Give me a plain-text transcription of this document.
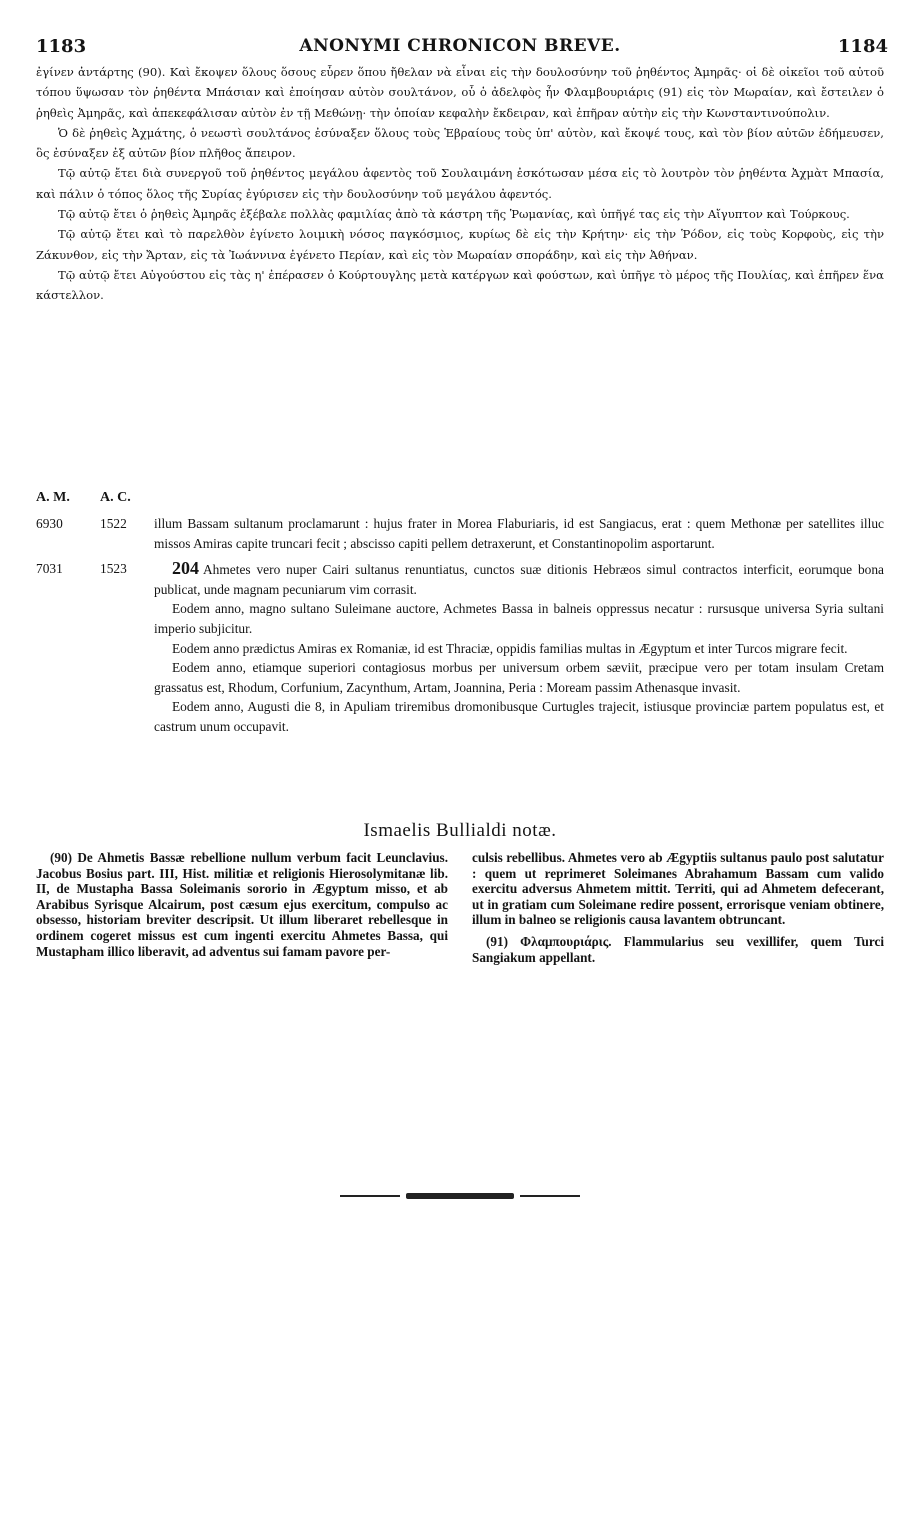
1183	ANONYMI CHRONICON BREVE.	1184

ἐγίνεν ἀντάρτης (90). Καὶ ἔκοψεν ὅλους ὅσους εὗρεν ὅπου ἤθελαν νὰ εἶναι εἰς τὴν δουλοσύνην τοῦ ῥηθέντος Ἀμηρᾶς· οἱ δὲ οἰκεῖοι τοῦ αὐτοῦ τόπου ὕψωσαν τὸν ῥηθέντα Μπάσιαν καὶ ἐποίησαν αὐτὸν σουλτάνον, οὗ ὁ ἀδελφὸς ἦν Φλαμβουριάρις (91) εἰς τὸν Μωραίαν, καὶ ἔστειλεν ὁ ῥηθεὶς Ἀμηρᾶς, καὶ ἀπεκεφάλισαν αὐτὸν ἐν τῇ Μεθώνῃ· τὴν ὁποίαν κεφαλὴν ἔκδειραν, καὶ ἐπῆραν αὐτὴν εἰς τὴν Κωνσταντινούπολιν.

Ὁ δὲ ῥηθεὶς Ἀχμάτης, ὁ νεωστὶ σουλτάνος ἐσύναξεν ὅλους τοὺς Ἑβραίους τοὺς ὑπ' αὐτὸν, καὶ ἔκοψέ τους, καὶ τὸν βίον αὐτῶν ἐδήμευσεν, ὃς ἐσύναξεν ἐξ αὐτῶν βίον πλῆθος ἄπειρον.

Τῷ αὐτῷ ἔτει διὰ συνεργοῦ τοῦ ῥηθέντος μεγάλου ἀφεντὸς τοῦ Σουλαιμάνη ἐσκότωσαν μέσα εἰς τὸ λουτρὸν τὸν ῥηθέντα Ἀχμὰτ Μπασία, καὶ πάλιν ὁ τόπος ὅλος τῆς Συρίας ἐγύρισεν εἰς τὴν δουλοσύνην τοῦ μεγάλου ἀφεντός.

Τῷ αὐτῷ ἔτει ὁ ῥηθεὶς Ἀμηρᾶς ἐξέβαλε πολλὰς φαμιλίας ἀπὸ τὰ κάστρη τῆς Ῥωμανίας, καὶ ὑπῆγέ τας εἰς τὴν Αἴγυπτον καὶ Τούρκους.

Τῷ αὐτῷ ἔτει καὶ τὸ παρελθὸν ἐγίνετο λοιμικὴ νόσος παγκόσμιος, κυρίως δὲ εἰς τὴν Κρήτην· εἰς τὴν Ῥόδον, εἰς τοὺς Κορφοὺς, εἰς τὴν Ζάκυνθον, εἰς τὴν Ἄρταν, εἰς τὰ Ἰωάννινα ἐγένετο Περίαν, καὶ εἰς τὸν Μωραίαν σποράδην, καὶ εἰς τὴν Ἀθήναν.

Τῷ αὐτῷ ἔτει Αὐγούστου εἰς τὰς η' ἐπέρασεν ὁ Κούρτουγλης μετὰ κατέργων καὶ φούστων, καὶ ὑπῆγε τὸ μέρος τῆς Πουλίας, καὶ ἐπῆρεν ἕνα κάστελλον.

A. M. A. C.
6930	1522 illum Bassam sultanum proclamarunt : hujus frater in Morea Flaburiaris, id est Sangiacus, erat : quem Methonæ per satellites illuc missos Amiras capite truncari fecit ; abscisso capiti pellem detraxerunt, et Constantinopolim asportarunt.

7031	1523	204 Ahmetes vero nuper Cairi sultanus renuntiatus, cunctos suæ ditionis Hebræos simul contractos interficit, eorumque bona publicat, unde magnam pecuniarum vim corrasit.

Eodem anno, magno sultano Suleimane auctore, Achmetes Bassa in balneis oppressus necatur : rursusque universa Syria sultani imperio subjicitur.

Eodem anno prædictus Amiras ex Romaniæ, id est Thraciæ, oppidis familias multas in Ægyptum et inter Turcos migrare fecit.

Eodem anno, etiamque superiori contagiosus morbus per universum orbem sæviit, præcipue vero per totam insulam Cretam grassatus est, Rhodum, Corfunium, Zacynthum, Artam, Joannina, Peria : Moream passim Athenasque invasit.

Eodem anno, Augusti die 8, in Apuliam triremibus dromonibusque Curtugles trajecit, istiusque provinciæ partem populatus est, et castrum unum occupavit.

Ismaelis Bullialdi notæ.

(90) De Ahmetis Bassæ rebellione nullum verbum facit Leunclavius. Jacobus Bosius part. III, Hist. militiæ et religionis Hierosolymitanæ lib. II, de Mustapha Bassa Soleimanis sororio in Ægyptum misso, et ab Arabibus Syrisque Alcairum, post cæsum ejus exercitum, compulso ac obsesso, historiam breviter descripsit. Ut illum liberaret rebellesque in ordinem cogeret missus est cum ingenti exercitu Ahmetes Bassa, qui Mustapham illico liberavit, ad adventus sui famam pavore per-

culsis rebellibus. Ahmetes vero ab Ægyptiis sultanus paulo post salutatur : quem ut reprimeret Soleimanes Abrahamum Bassam cum valido exercitu adversus Ahmetem mittit. Territi, qui ad Ahmetem defecerant, ut in gratiam cum Soleimane redire possent, errorisque veniam obtinere, illum in balneo se religionis causa lavantem obtruncant.

(91) Φλαμπουριάρις. Flammularius seu vexillifer, quem Turci Sangiakum appellant.
